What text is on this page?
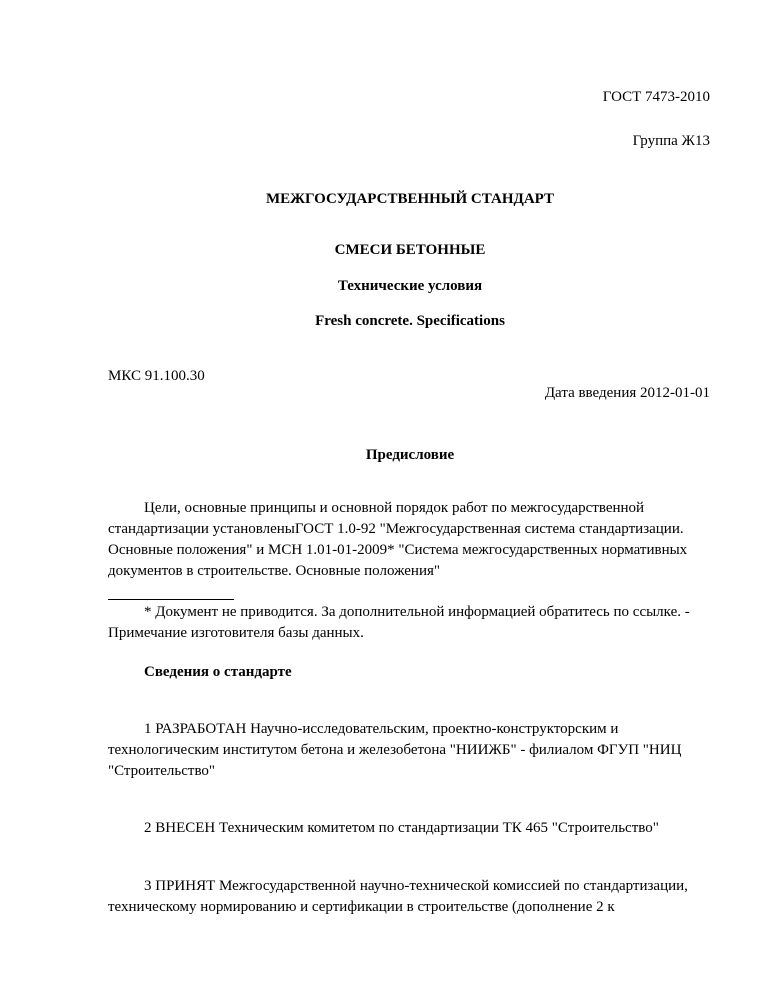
ГОСТ 7473-2010
Группа Ж13
МЕЖГОСУДАРСТВЕННЫЙ СТАНДАРТ
СМЕСИ БЕТОННЫЕ
Технические условия
Fresh concrete. Specifications
МКС 91.100.30
Дата введения 2012-01-01
Предисловие
Цели, основные принципы и основной порядок работ по межгосударственной стандартизации установленыГОСТ 1.0-92 "Межгосударственная система стандартизации. Основные положения" и МСН 1.01-01-2009* "Система межгосударственных нормативных документов в строительстве. Основные положения"
* Документ не приводится. За дополнительной информацией обратитесь по ссылке. - Примечание изготовителя базы данных.
Сведения о стандарте
1 РАЗРАБОТАН Научно-исследовательским, проектно-конструкторским и технологическим институтом бетона и железобетона "НИИЖБ" - филиалом ФГУП "НИЦ "Строительство"
2 ВНЕСЕН Техническим комитетом по стандартизации ТК 465 "Строительство"
3 ПРИНЯТ Межгосударственной научно-технической комиссией по стандартизации, техническому нормированию и сертификации в строительстве (дополнение 2 к
